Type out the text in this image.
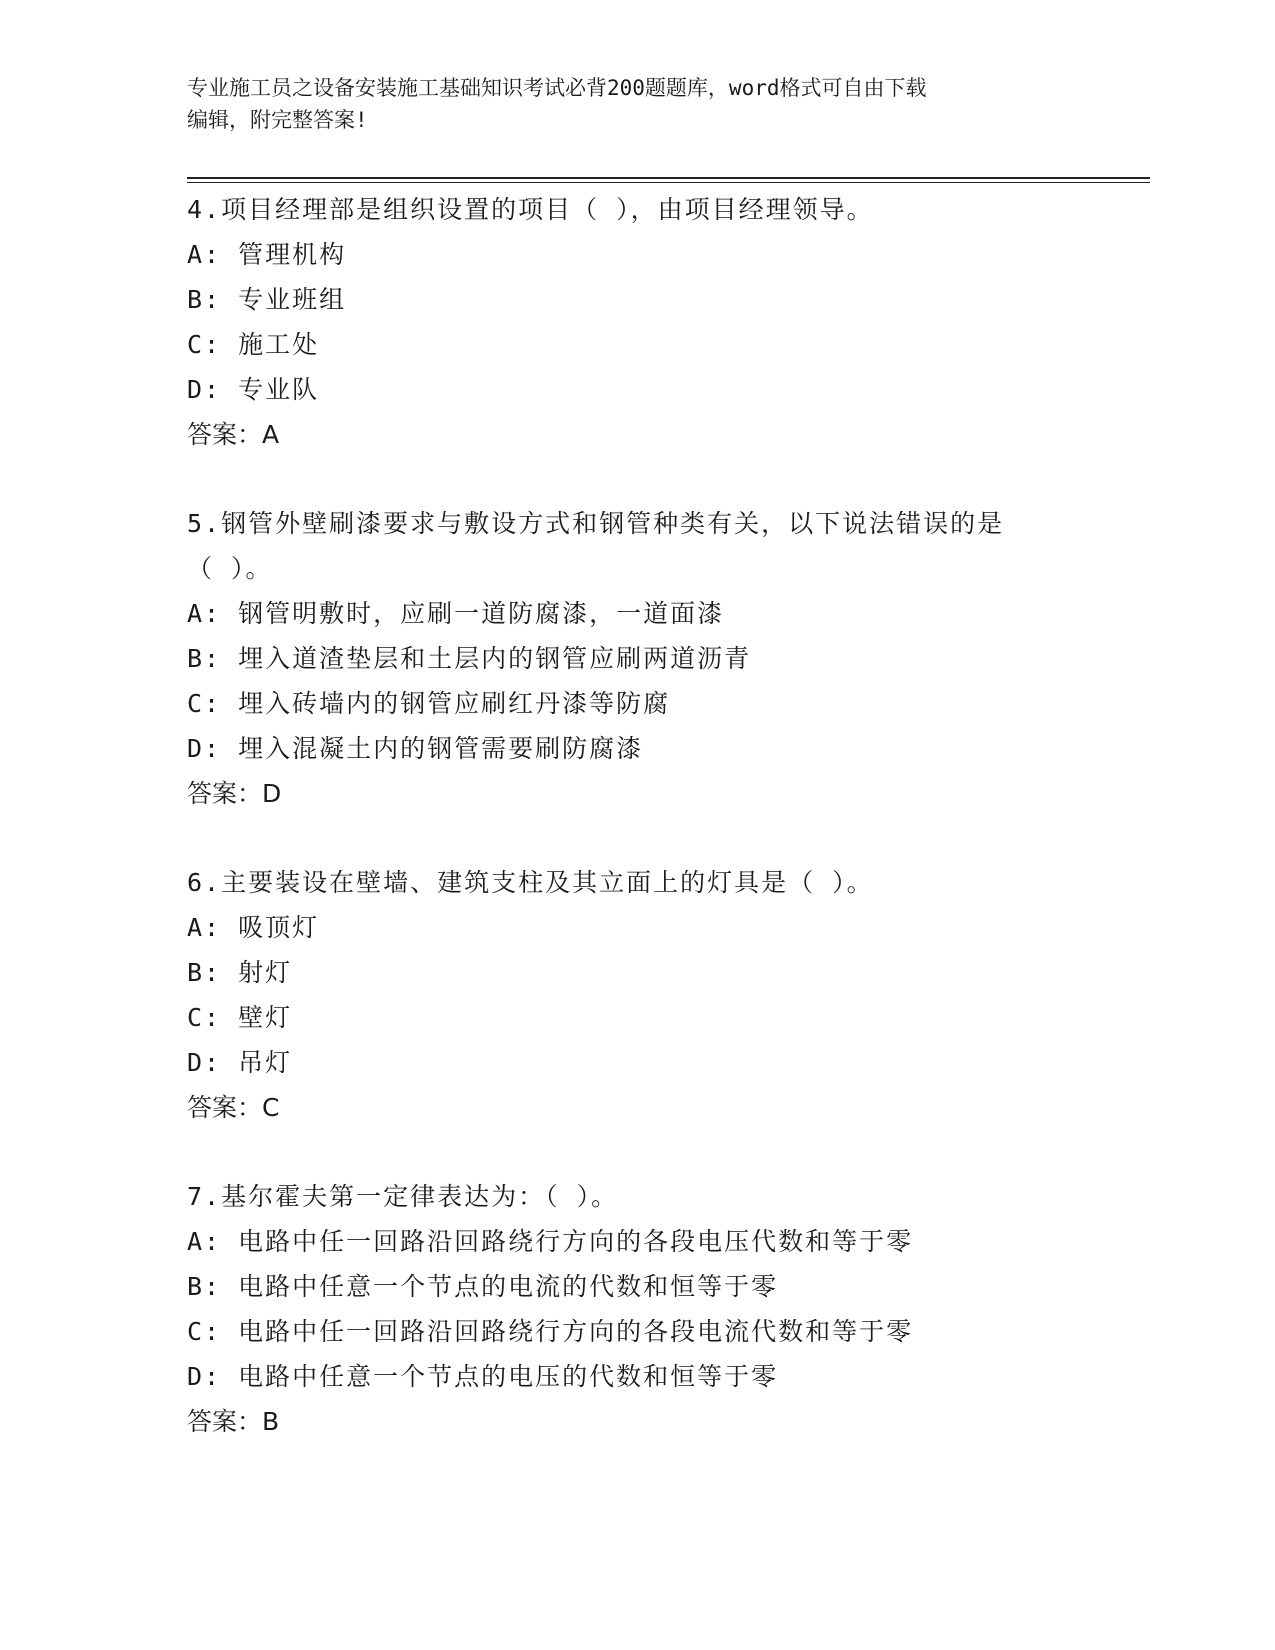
专业施工员之设备安装施工基础知识考试必背200题题库，word格式可自由下载
编辑，附完整答案!
4.项目经理部是组织设置的项目（ ），由项目经理领导。
A: 管理机构
B: 专业班组
C: 施工处
D: 专业队
答案：A
5.钢管外壁刷漆要求与敷设方式和钢管种类有关，以下说法错误的是
（ ）。
A: 钢管明敷时，应刷一道防腐漆，一道面漆
B: 埋入道渣垫层和土层内的钢管应刷两道沥青
C: 埋入砖墙内的钢管应刷红丹漆等防腐
D: 埋入混凝土内的钢管需要刷防腐漆
答案：D
6.主要装设在壁墙、建筑支柱及其立面上的灯具是（ ）。
A: 吸顶灯
B: 射灯
C: 壁灯
D: 吊灯
答案：C
7.基尔霍夫第一定律表达为：（ ）。
A: 电路中任一回路沿回路绕行方向的各段电压代数和等于零
B: 电路中任意一个节点的电流的代数和恒等于零
C: 电路中任一回路沿回路绕行方向的各段电流代数和等于零
D: 电路中任意一个节点的电压的代数和恒等于零
答案：B
